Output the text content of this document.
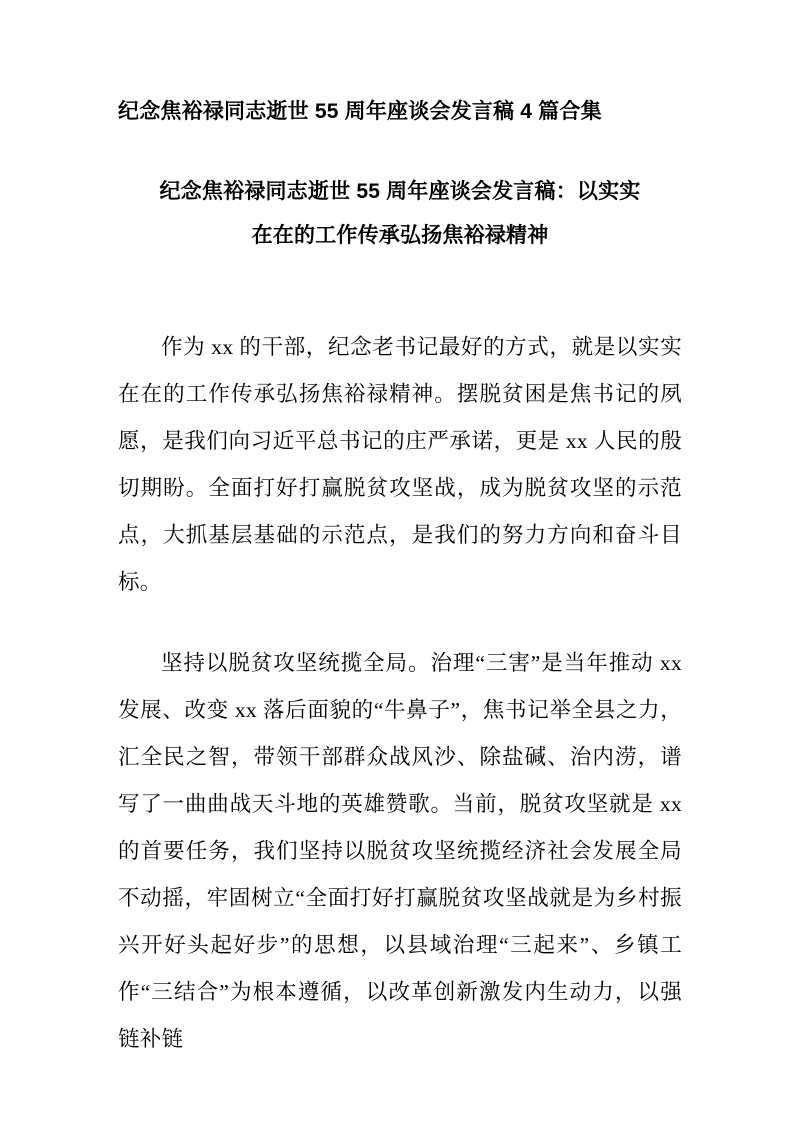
纪念焦裕禄同志逝世 55 周年座谈会发言稿 4 篇合集
纪念焦裕禄同志逝世 55 周年座谈会发言稿：以实实
在在的工作传承弘扬焦裕禄精神

作为 xx 的干部，纪念老书记最好的方式，就是以实实在在的工作传承弘扬焦裕禄精神。摆脱贫困是焦书记的夙愿，是我们向习近平总书记的庄严承诺，更是 xx 人民的殷切期盼。全面打好打赢脱贫攻坚战，成为脱贫攻坚的示范点，大抓基层基础的示范点，是我们的努力方向和奋斗目标。

坚持以脱贫攻坚统揽全局。治理“三害”是当年推动 xx 发展、改变 xx 落后面貌的“牛鼻子”，焦书记举全县之力，汇全民之智，带领干部群众战风沙、除盐碱、治内涝，谱写了一曲曲战天斗地的英雄赞歌。当前，脱贫攻坚就是 xx 的首要任务，我们坚持以脱贫攻坚统揽经济社会发展全局不动摇，牢固树立“全面打好打赢脱贫攻坚战就是为乡村振兴开好头起好步”的思想，以县域治理“三起来”、乡镇工作“三结合”为根本遵循，以改革创新激发内生动力，以强链补链
